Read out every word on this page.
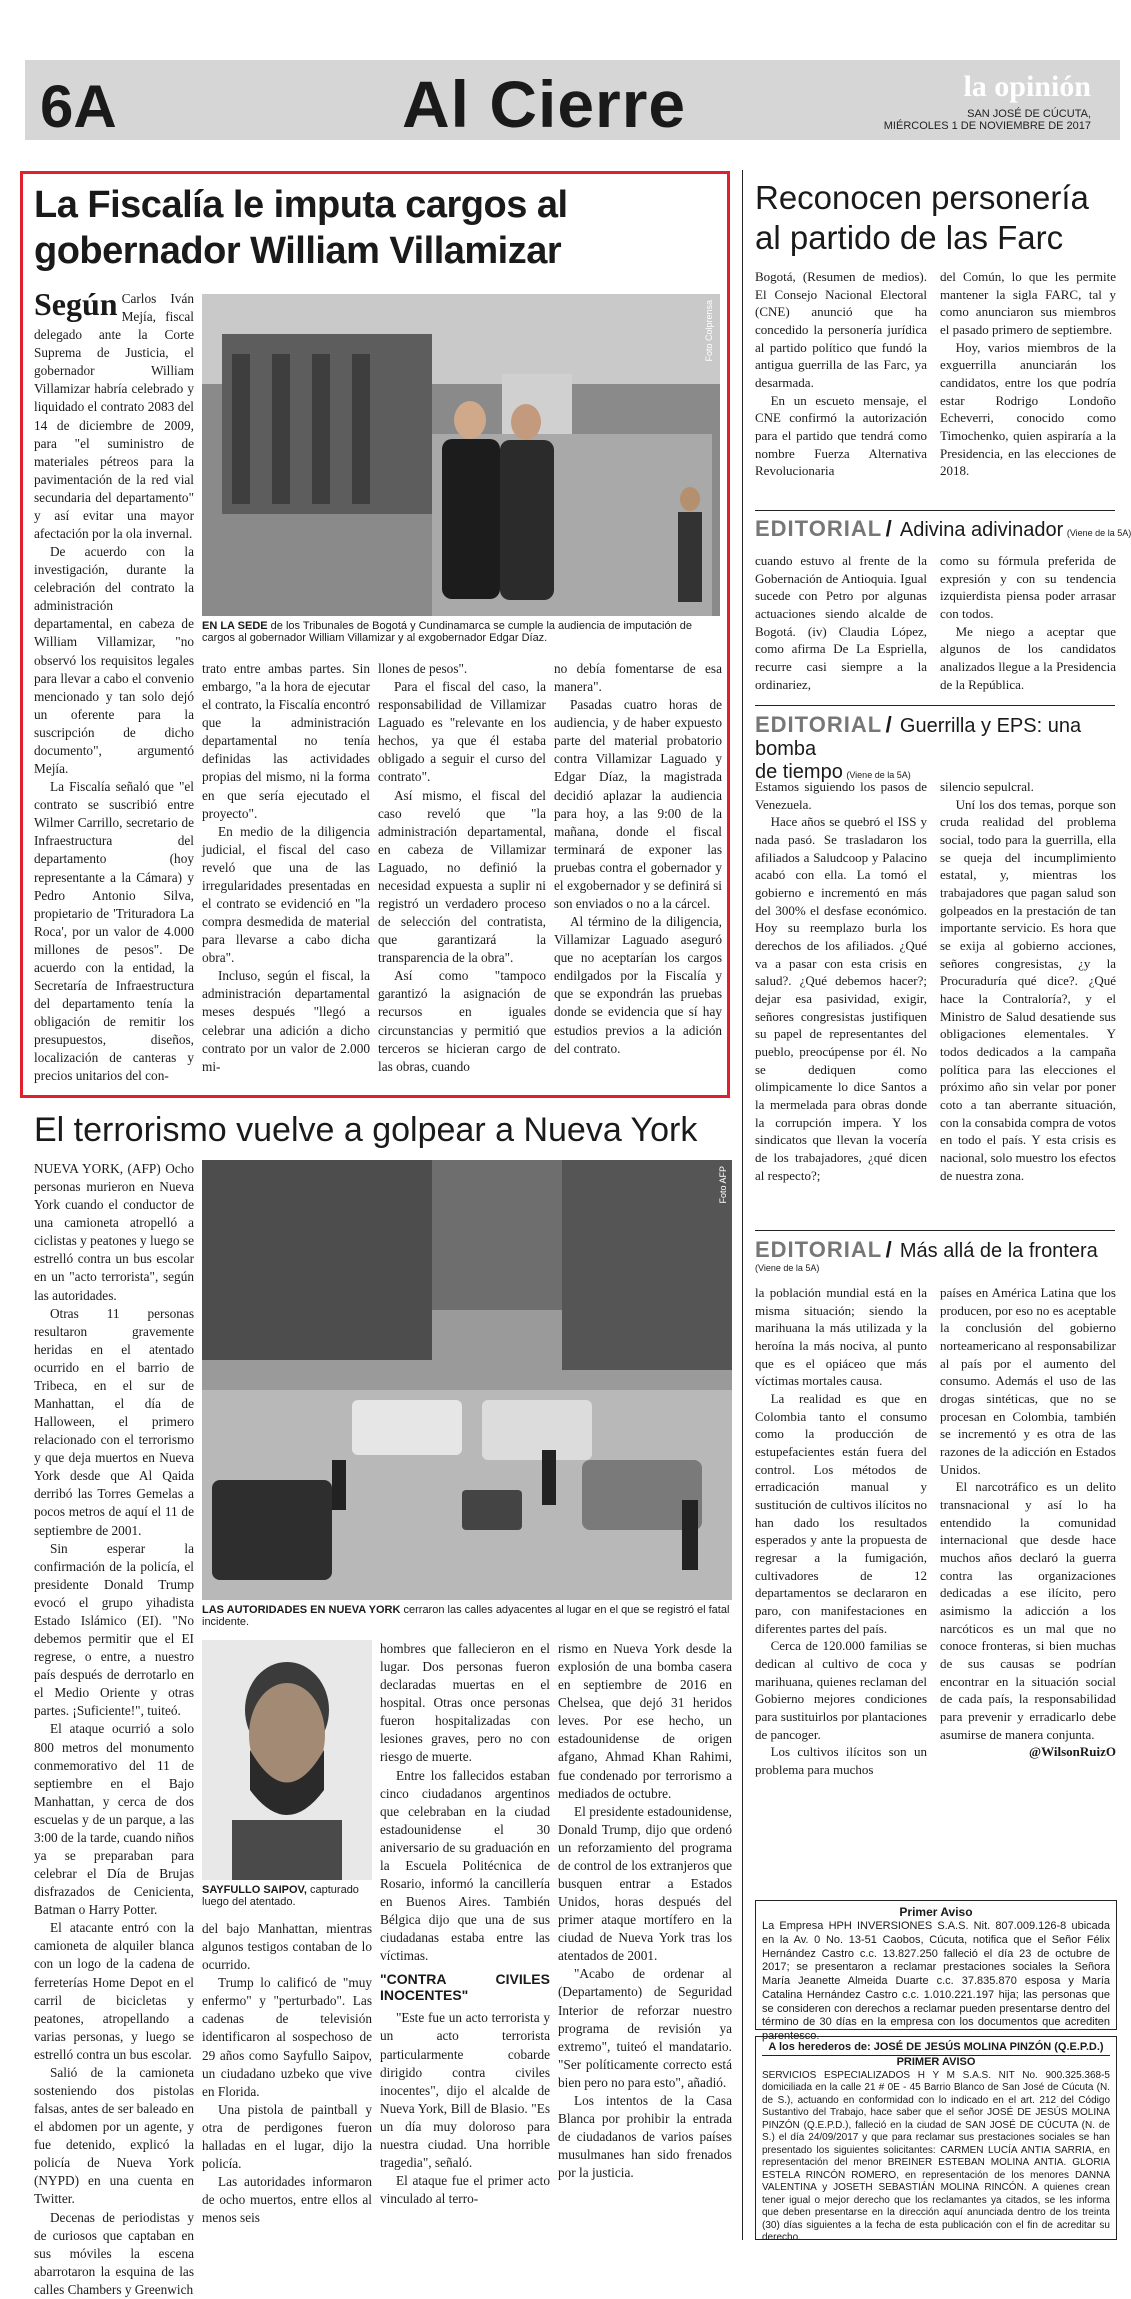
6A	Al Cierre	la opinión
SAN JOSÉ DE CÚCUTA,
MIÉRCOLES 1 DE NOVIEMBRE DE 2017
La Fiscalía le imputa cargos al
gobernador William Villamizar
Según Carlos Iván Mejía, fiscal delegado ante la Corte Suprema de Justicia, el gobernador William Villamizar habría celebrado y liquidado el contrato 2083 del 14 de diciembre de 2009, para "el suministro de materiales pétreos para la pavimentación de la red vial secundaria del departamento" y así evitar una mayor afectación por la ola invernal.

De acuerdo con la investigación, durante la celebración del contrato la administración departamental, en cabeza de William Villamizar, "no observó los requisitos legales para llevar a cabo el convenio mencionado y tan solo dejó un oferente para la suscripción de dicho documento", argumentó Mejía.

La Fiscalía señaló que "el contrato se suscribió entre Wilmer Carrillo, secretario de Infraestructura del departamento (hoy representante a la Cámara) y Pedro Antonio Silva, propietario de 'Trituradora La Roca', por un valor de 4.000 millones de pesos". De acuerdo con la entidad, la Secretaría de Infraestructura del departamento tenía la obligación de remitir los presupuestos, diseños, localización de canteras y precios unitarios del con-

Foto Colprensa
EN LA SEDE de los Tribunales de Bogotá y Cundinamarca se cumple la audiencia de imputación de cargos al gobernador William Villamizar y al exgobernador Edgar Díaz.
trato entre ambas partes. Sin embargo, "a la hora de ejecutar el contrato, la Fiscalía encontró que la administración departamental no tenía definidas las actividades propias del mismo, ni la forma en que sería ejecutado el proyecto".

En medio de la diligencia judicial, el fiscal del caso reveló que una de las irregularidades presentadas en el contrato se evidenció en "la compra desmedida de material para llevarse a cabo dicha obra".

Incluso, según el fiscal, la administración departamental meses después "llegó a celebrar una adición a dicho contrato por un valor de 2.000 mi-

llones de pesos".

Para el fiscal del caso, la responsabilidad de Villamizar Laguado es "relevante en los hechos, ya que él estaba obligado a seguir el curso del contrato".

Así mismo, el fiscal del caso reveló que "la administración departamental, en cabeza de Villamizar Laguado, no definió la necesidad expuesta a suplir ni registró un verdadero proceso de selección del contratista, que garantizará la transparencia de la obra".

Así como "tampoco garantizó la asignación de recursos en iguales circunstancias y permitió que terceros se hicieran cargo de las obras, cuando

no debía fomentarse de esa manera".

Pasadas cuatro horas de audiencia, y de haber expuesto parte del material probatorio contra Villamizar Laguado y Edgar Díaz, la magistrada decidió aplazar la audiencia para hoy, a las 9:00 de la mañana, donde el fiscal terminará de exponer las pruebas contra el gobernador y el exgobernador y se definirá si son enviados o no a la cárcel.

Al término de la diligencia, Villamizar Laguado aseguró que no aceptarían los cargos endilgados por la Fiscalía y que se expondrán las pruebas donde se evidencia que sí hay estudios previos a la adición del contrato.

Reconocen personería
al partido de las Farc
Bogotá, (Resumen de medios). El Consejo Nacional Electoral (CNE) anunció que ha concedido la personería jurídica al partido político que fundó la antigua guerrilla de las Farc, ya desarmada.

En un escueto mensaje, el CNE confirmó la autorización para el partido que tendrá como nombre Fuerza Alternativa Revolucionaria

del Común, lo que les permite mantener la sigla FARC, tal y como anunciaron sus miembros el pasado primero de septiembre.

Hoy, varios miembros de la exguerrilla anunciarán los candidatos, entre los que podría estar Rodrigo Londoño Echeverri, conocido como Timochenko, quien aspiraría a la Presidencia, en las elecciones de 2018.

EDITORIAL / Adivina adivinador (Viene de la 5A)
cuando estuvo al frente de la Gobernación de Antioquia. Igual sucede con Petro por algunas actuaciones siendo alcalde de Bogotá. (iv) Claudia López, como afirma De La Espriella, recurre casi siempre a la ordinariez,
como su fórmula preferida de expresión y con su tendencia izquierdista piensa poder arrasar con todos.

Me niego a aceptar que algunos de los candidatos analizados llegue a la Presidencia de la República.

EDITORIAL / Guerrilla y EPS: una bomba
de tiempo (Viene de la 5A)
Estamos siguiendo los pasos de Venezuela.

Hace años se quebró el ISS y nada pasó. Se trasladaron los afiliados a Saludcoop y Palacino acabó con ella. La tomó el gobierno e incrementó en más del 300% el desfase económico. Hoy su reemplazo burla los derechos de los afiliados. ¿Qué va a pasar con esta crisis en salud?. ¿Qué debemos hacer?; dejar esa pasividad, exigir, señores congresistas justifiquen su papel de representantes del pueblo, preocúpense por él. No se dediquen como olimpicamente lo dice Santos a la mermelada para obras donde la corrupción impera. Y los sindicatos que llevan la vocería de los trabajadores, ¿qué dicen al respecto?;

silencio sepulcral.

Uní los dos temas, porque son cruda realidad del problema social, todo para la guerrilla, ella se queja del incumplimiento estatal, y, mientras los trabajadores que pagan salud son golpeados en la prestación de tan importante servicio. Es hora que se exija al gobierno acciones, señores congresistas, ¿y la Procuraduría qué dice?. ¿Qué hace la Contraloría?, y el Ministro de Salud desatiende sus obligaciones elementales. Y todos dedicados a la campaña política para las elecciones el próximo año sin velar por poner coto a tan aberrante situación, con la consabida compra de votos en todo el país. Y esta crisis es nacional, solo muestro los efectos de nuestra zona.

EDITORIAL / Más allá de la frontera
(Viene de la 5A)
la población mundial está en la misma situación; siendo la marihuana la más utilizada y la heroína la más nociva, al punto que es el opiáceo que más víctimas mortales causa.

La realidad es que en Colombia tanto el consumo como la producción de estupefacientes están fuera del control. Los métodos de erradicación manual y sustitución de cultivos ilícitos no han dado los resultados esperados y ante la propuesta de regresar a la fumigación, cultivadores de 12 departamentos se declararon en paro, con manifestaciones en diferentes partes del país.

Cerca de 120.000 familias se dedican al cultivo de coca y marihuana, quienes reclaman del Gobierno mejores condiciones para sustituirlos por plantaciones de pancoger.

Los cultivos ilícitos son un problema para muchos

países en América Latina que los producen, por eso no es aceptable la conclusión del gobierno norteamericano al responsabilizar al país por el aumento del consumo. Además el uso de las drogas sintéticas, que no se procesan en Colombia, también se incrementó y es otra de las razones de la adicción en Estados Unidos.

El narcotráfico es un delito transnacional y así lo ha entendido la comunidad internacional que desde hace muchos años declaró la guerra contra las organizaciones dedicadas a ese ilícito, pero asimismo la adicción a los narcóticos es un mal que no conoce fronteras, si bien muchas de sus causas se podrían encontrar en la situación social de cada país, la responsabilidad para prevenir y erradicarlo debe asumirse de manera conjunta.

@WilsonRuizO
Primer Aviso
La Empresa HPH INVERSIONES S.A.S. Nit. 807.009.126-8 ubicada en la Av. 0 No. 13-51 Caobos, Cúcuta, notifica que el Señor Félix Hernández Castro c.c. 13.827.250 falleció el día 23 de octubre de 2017; se presentaron a reclamar prestaciones sociales la Señora María Jeanette Almeida Duarte c.c. 37.835.870 esposa y María Catalina Hernández Castro c.c. 1.010.221.197 hija; las personas que se consideren con derechos a reclamar pueden presentarse dentro del término de 30 días en la empresa con los documentos que acrediten parentesco.
A los herederos de: JOSÉ DE JESÚS MOLINA PINZÓN (Q.E.P.D.)
PRIMER AVISO
SERVICIOS ESPECIALIZADOS H Y M S.A.S. NIT No. 900.325.368-5 domiciliada en la calle 21 # 0E - 45 Barrio Blanco de San José de Cúcuta (N. de S.), actuando en conformidad con lo indicado en el art. 212 del Código Sustantivo del Trabajo, hace saber que el señor JOSÉ DE JESÚS MOLINA PINZÓN (Q.E.P.D.), falleció en la ciudad de SAN JOSÉ DE CÚCUTA (N. de S.) el día 24/09/2017 y que para reclamar sus prestaciones sociales se han presentado los siguientes solicitantes: CARMEN LUCÍA ANTIA SARRIA, en representación del menor BREINER ESTEBAN MOLINA ANTIA. GLORIA ESTELA RINCÓN ROMERO, en representación de los menores DANNA VALENTINA y JOSETH SEBASTIÁN MOLINA RINCÓN. A quienes crean tener igual o mejor derecho que los reclamantes ya citados, se les informa que deben presentarse en la dirección aquí anunciada dentro de los treinta (30) días siguientes a la fecha de esta publicación con el fin de acreditar su derecho.
El terrorismo vuelve a golpear a Nueva York
NUEVA YORK, (AFP) Ocho personas murieron en Nueva York cuando el conductor de una camioneta atropelló a ciclistas y peatones y luego se estrelló contra un bus escolar en un "acto terrorista", según las autoridades.

Otras 11 personas resultaron gravemente heridas en el atentado ocurrido en el barrio de Tribeca, en el sur de Manhattan, el día de Halloween, el primero relacionado con el terrorismo y que deja muertos en Nueva York desde que Al Qaida derribó las Torres Gemelas a pocos metros de aquí el 11 de septiembre de 2001.

Sin esperar la confirmación de la policía, el presidente Donald Trump evocó el grupo yihadista Estado Islámico (EI). "No debemos permitir que el EI regrese, o entre, a nuestro país después de derrotarlo en el Medio Oriente y otras partes. ¡Suficiente!", tuiteó.

El ataque ocurrió a solo 800 metros del monumento conmemorativo del 11 de septiembre en el Bajo Manhattan, y cerca de dos escuelas y de un parque, a las 3:00 de la tarde, cuando niños ya se preparaban para celebrar el Día de Brujas disfrazados de Cenicienta, Batman o Harry Potter.

El atacante entró con la camioneta de alquiler blanca con un logo de la cadena de ferreterías Home Depot en el carril de bicicletas y peatones, atropellando a varias personas, y luego se estrelló contra un bus escolar.

Salió de la camioneta sosteniendo dos pistolas falsas, antes de ser baleado en el abdomen por un agente, y fue detenido, explicó la policía de Nueva York (NYPD) en una cuenta en Twitter.

Decenas de periodistas y de curiosos que captaban en sus móviles la escena abarrotaron la esquina de las calles Chambers y Greenwich

Foto AFP
LAS AUTORIDADES EN NUEVA YORK cerraron las calles adyacentes al lugar en el que se registró el fatal incidente.
SAYFULLO SAIPOV, capturado luego del atentado.
del bajo Manhattan, mientras algunos testigos contaban de lo ocurrido.

Trump lo calificó de "muy enfermo" y "perturbado". Las cadenas de televisión identificaron al sospechoso de 29 años como Sayfullo Saipov, un ciudadano uzbeko que vive en Florida.

Una pistola de paintball y otra de perdigones fueron halladas en el lugar, dijo la policía.

Las autoridades informaron de ocho muertos, entre ellos al menos seis

hombres que fallecieron en el lugar. Dos personas fueron declaradas muertas en el hospital. Otras once personas fueron hospitalizadas con lesiones graves, pero no con riesgo de muerte.

Entre los fallecidos estaban cinco ciudadanos argentinos que celebraban en la ciudad estadounidense el 30 aniversario de su graduación en la Escuela Politécnica de Rosario, informó la cancillería en Buenos Aires. También Bélgica dijo que una de sus ciudadanas estaba entre las víctimas.

"CONTRA CIVILES INOCENTES"

"Este fue un acto terrorista y un acto terrorista particularmente cobarde dirigido contra civiles inocentes", dijo el alcalde de Nueva York, Bill de Blasio. "Es un día muy doloroso para nuestra ciudad. Una horrible tragedia", señaló.

El ataque fue el primer acto vinculado al terro-

rismo en Nueva York desde la explosión de una bomba casera en septiembre de 2016 en Chelsea, que dejó 31 heridos leves. Por ese hecho, un estadounidense de origen afgano, Ahmad Khan Rahimi, fue condenado por terrorismo a mediados de octubre.

El presidente estadounidense, Donald Trump, dijo que ordenó un reforzamiento del programa de control de los extranjeros que busquen entrar a Estados Unidos, horas después del primer ataque mortífero en la ciudad de Nueva York tras los atentados de 2001.

"Acabo de ordenar al (Departamento) de Seguridad Interior de reforzar nuestro programa de revisión ya extremo", tuiteó el mandatario. "Ser políticamente correcto está bien pero no para esto", añadió.

Los intentos de la Casa Blanca por prohibir la entrada de ciudadanos de varios países musulmanes han sido frenados por la justicia.
